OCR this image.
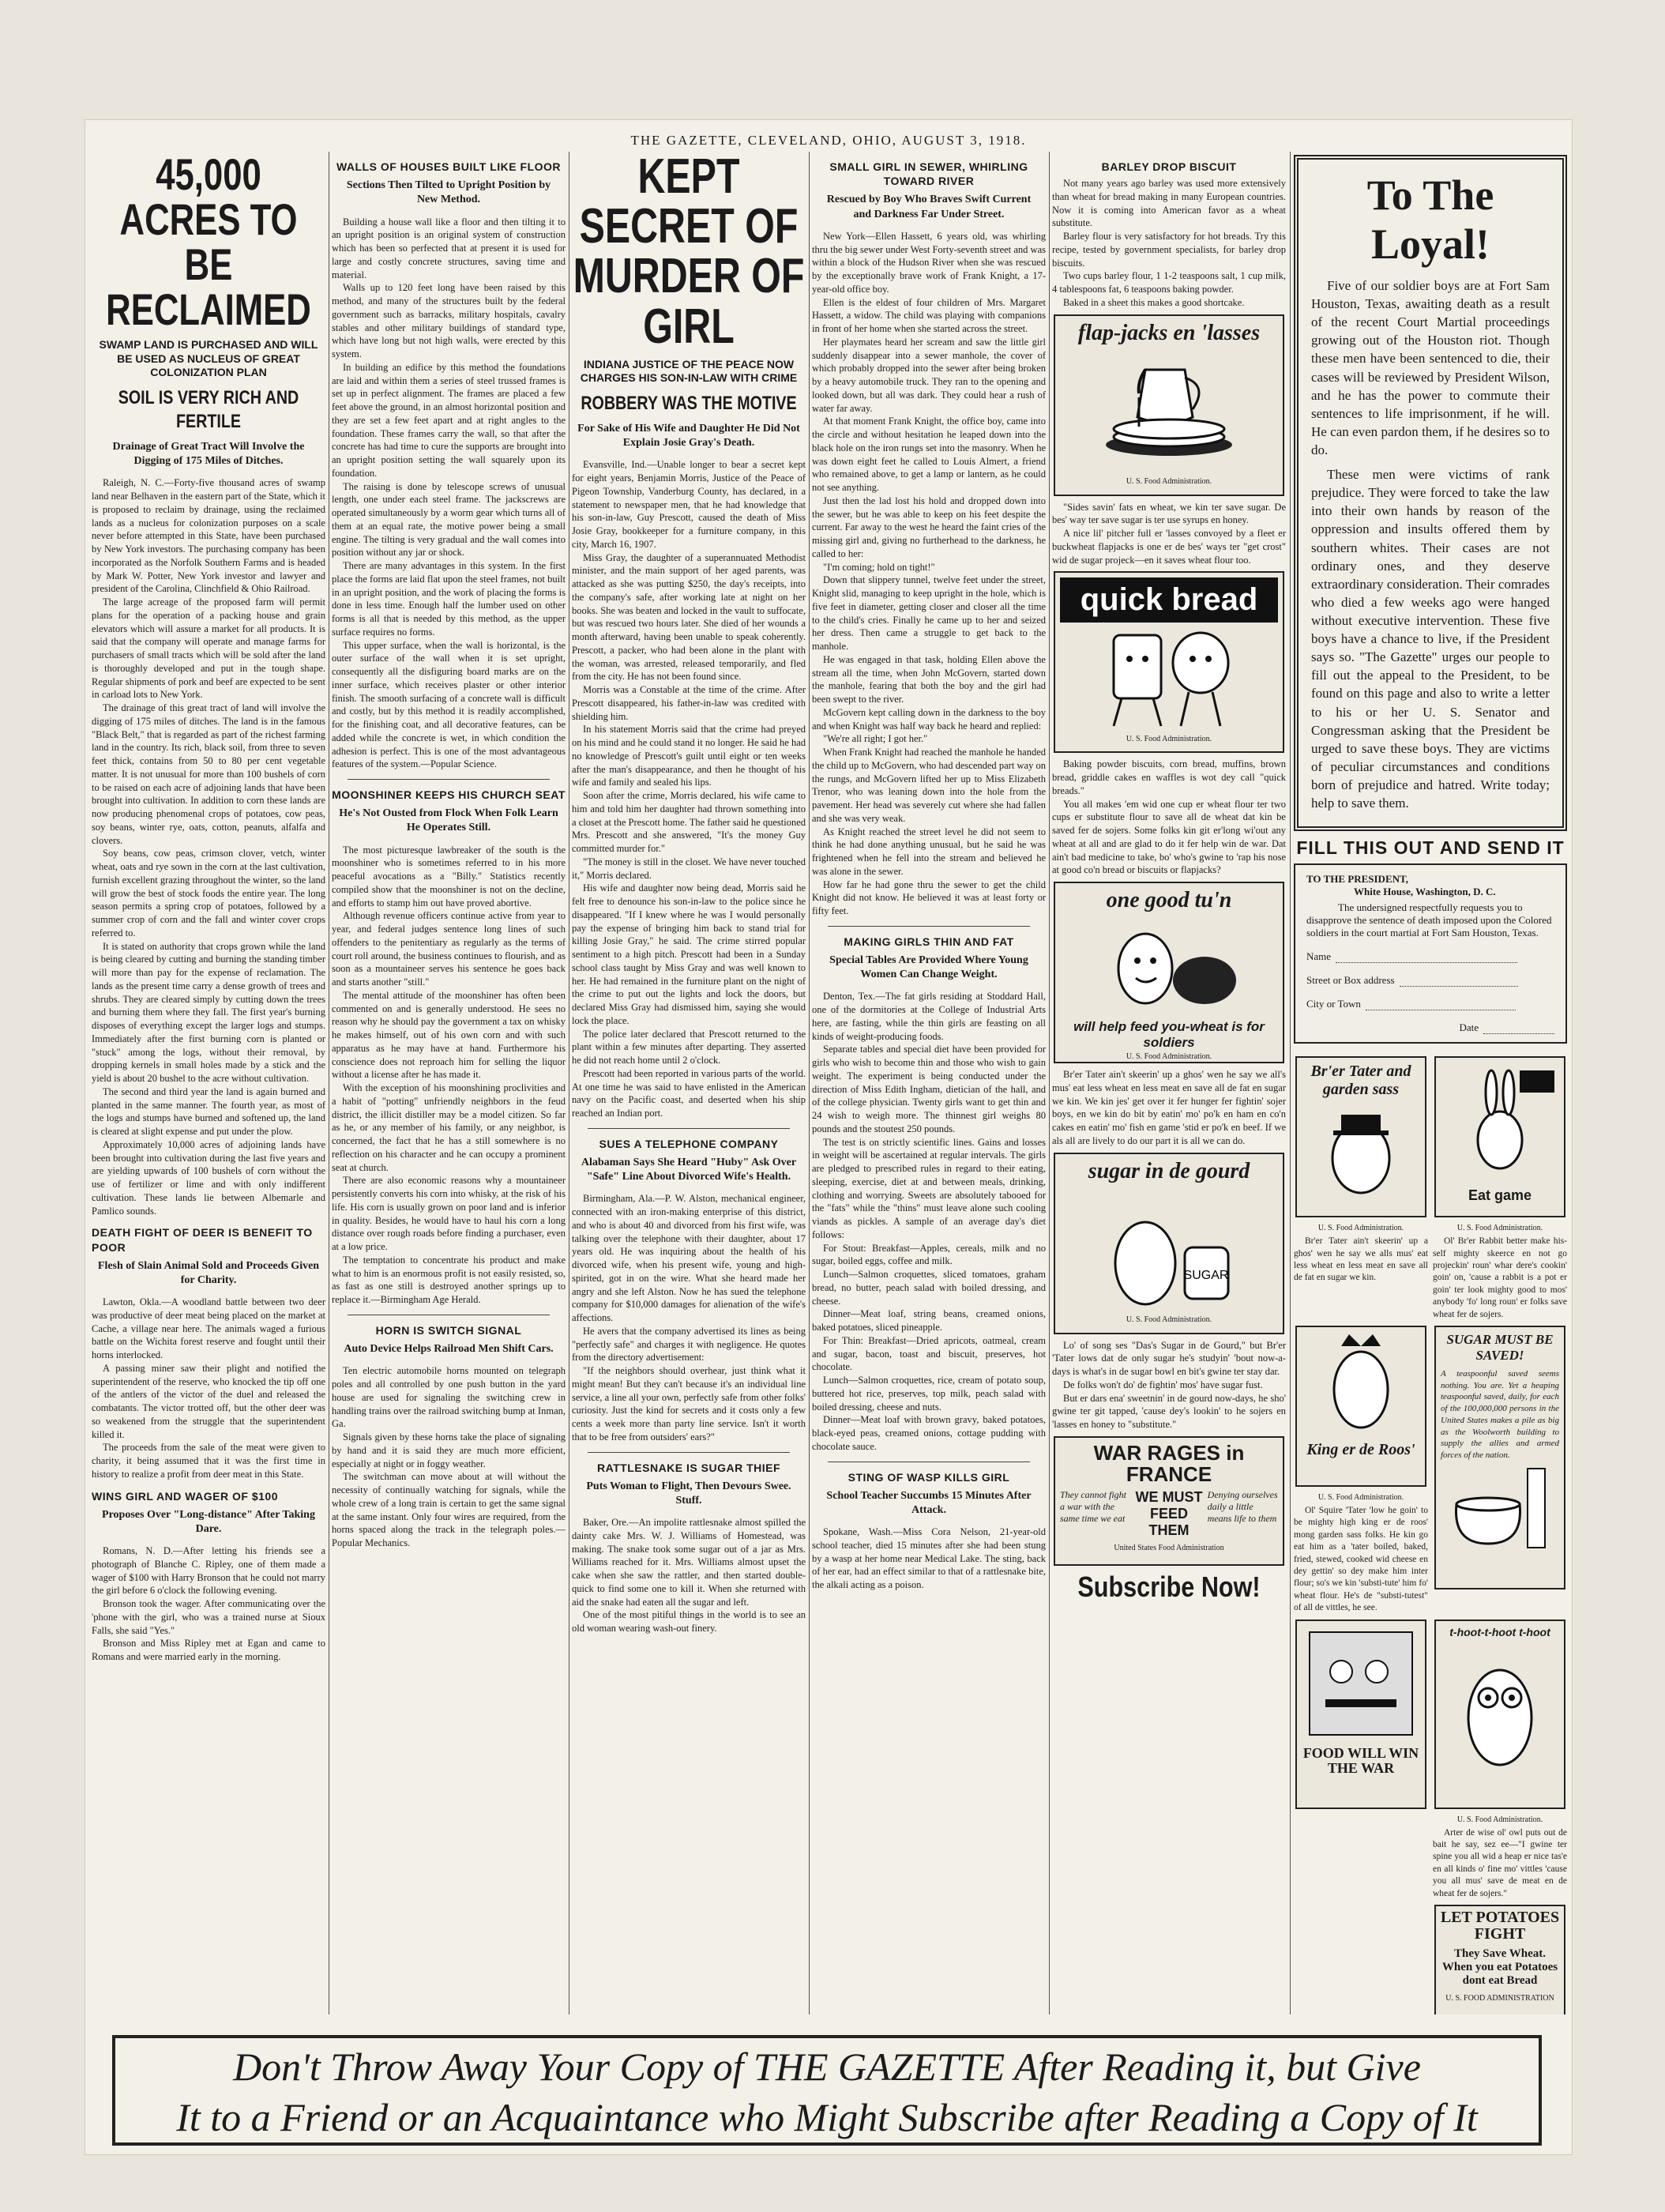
THE GAZETTE, CLEVELAND, OHIO, AUGUST 3, 1918.
45,000 ACRES TO BE RECLAIMED
SWAMP LAND IS PURCHASED AND WILL BE USED AS NUCLEUS OF GREAT COLONIZATION PLAN
SOIL IS VERY RICH AND FERTILE
Drainage of Great Tract Will Involve the Digging of 175 Miles of Ditches.

Raleigh, N. C.—Forty-five thousand acres of swamp land near Belhaven in the eastern part of the State, which it is proposed to reclaim by drainage, using the reclaimed lands as a nucleus for colonization purposes on a scale never before attempted in this State, have been purchased by New York investors. The purchasing company has been incorporated as the Norfolk Southern Farms and is headed by Mark W. Potter, New York investor and lawyer and president of the Carolina, Clinchfield & Ohio Railroad.

The large acreage of the proposed farm will permit plans for the operation of a packing house and grain elevators which will assure a market for all products. It is said that the company will operate and manage farms for purchasers of small tracts which will be sold after the land is thoroughly developed and put in the tough shape. Regular shipments of pork and beef are expected to be sent in carload lots to New York.

The drainage of this great tract of land will involve the digging of 175 miles of ditches. The land is in the famous "Black Belt," that is regarded as part of the richest farming land in the country. Its rich, black soil, from three to seven feet thick, contains from 50 to 80 per cent vegetable matter. It is not unusual for more than 100 bushels of corn to be raised on each acre of adjoining lands that have been brought into cultivation. In addition to corn these lands are now producing phenomenal crops of potatoes, cow peas, soy beans, winter rye, oats, cotton, peanuts, alfalfa and clovers.

Soy beans, cow peas, crimson clover, vetch, winter wheat, oats and rye sown in the corn at the last cultivation, furnish excellent grazing throughout the winter, so the land will grow the best of stock foods the entire year. The long season permits a spring crop of potatoes, followed by a summer crop of corn and the fall and winter cover crops referred to.

It is stated on authority that crops grown while the land is being cleared by cutting and burning the standing timber will more than pay for the expense of reclamation. The lands as the present time carry a dense growth of trees and shrubs. They are cleared simply by cutting down the trees and burning them where they fall. The first year's burning disposes of everything except the larger logs and stumps. Immediately after the first burning corn is planted or "stuck" among the logs, without their removal, by dropping kernels in small holes made by a stick and the yield is about 20 bushel to the acre without cultivation.

The second and third year the land is again burned and planted in the same manner. The fourth year, as most of the logs and stumps have burned and softened up, the land is cleared at slight expense and put under the plow.

Approximately 10,000 acres of adjoining lands have been brought into cultivation during the last five years and are yielding upwards of 100 bushels of corn without the use of fertilizer or lime and with only indifferent cultivation. These lands lie between Albemarle and Pamlico sounds.

DEATH FIGHT OF DEER IS BENEFIT TO POOR
Flesh of Slain Animal Sold and Proceeds Given for Charity.

Lawton, Okla.—A woodland battle between two deer was productive of deer meat being placed on the market at Cache, a village near here. The animals waged a furious battle on the Wichita forest reserve and fought until their horns interlocked.

A passing miner saw their plight and notified the superintendent of the reserve, who knocked the tip off one of the antlers of the victor of the duel and released the combatants. The victor trotted off, but the other deer was so weakened from the struggle that the superintendent killed it.

The proceeds from the sale of the meat were given to charity, it being assumed that it was the first time in history to realize a profit from deer meat in this State.

WINS GIRL AND WAGER OF $100
Proposes Over "Long-distance" After Taking Dare.

Romans, N. D.—After letting his friends see a photograph of Blanche C. Ripley, one of them made a wager of $100 with Harry Bronson that he could not marry the girl before 6 o'clock the following evening.

Bronson took the wager. After communicating over the 'phone with the girl, who was a trained nurse at Sioux Falls, she said "Yes."

Bronson and Miss Ripley met at Egan and came to Romans and were married early in the morning.

WALLS OF HOUSES BUILT LIKE FLOOR
Sections Then Tilted to Upright Position by New Method.

Building a house wall like a floor and then tilting it to an upright position is an original system of construction which has been so perfected that at present it is used for large and costly concrete structures, saving time and material.

Walls up to 120 feet long have been raised by this method, and many of the structures built by the federal government such as barracks, military hospitals, cavalry stables and other military buildings of standard type, which have long but not high walls, were erected by this system.

In building an edifice by this method the foundations are laid and within them a series of steel trussed frames is set up in perfect alignment. The frames are placed a few feet above the ground, in an almost horizontal position and they are set a few feet apart and at right angles to the foundation. These frames carry the wall, so that after the concrete has had time to cure the supports are brought into an upright position setting the wall squarely upon its foundation.

The raising is done by telescope screws of unusual length, one under each steel frame. The jackscrews are operated simultaneously by a worm gear which turns all of them at an equal rate, the motive power being a small engine. The tilting is very gradual and the wall comes into position without any jar or shock.

There are many advantages in this system. In the first place the forms are laid flat upon the steel frames, not built in an upright position, and the work of placing the forms is done in less time. Enough half the lumber used on other forms is all that is needed by this method, as the upper surface requires no forms.

This upper surface, when the wall is horizontal, is the outer surface of the wall when it is set upright, consequently all the disfiguring board marks are on the inner surface, which receives plaster or other interior finish. The smooth surfacing of a concrete wall is difficult and costly, but by this method it is readily accomplished, for the finishing coat, and all decorative features, can be added while the concrete is wet, in which condition the adhesion is perfect. This is one of the most advantageous features of the system.—Popular Science.

MOONSHINER KEEPS HIS CHURCH SEAT
He's Not Ousted from Flock When Folk Learn He Operates Still.

The most picturesque lawbreaker of the south is the moonshiner who is sometimes referred to in his more peaceful avocations as a "Billy." Statistics recently compiled show that the moonshiner is not on the decline, and efforts to stamp him out have proved abortive.

Although revenue officers continue active from year to year, and federal judges sentence long lines of such offenders to the penitentiary as regularly as the terms of court roll around, the business continues to flourish, and as soon as a mountaineer serves his sentence he goes back and starts another "still."

The mental attitude of the moonshiner has often been commented on and is generally understood. He sees no reason why he should pay the government a tax on whisky he makes himself, out of his own corn and with such apparatus as he may have at hand. Furthermore his conscience does not reproach him for selling the liquor without a license after he has made it.

With the exception of his moonshining proclivities and a habit of "potting" unfriendly neighbors in the feud district, the illicit distiller may be a model citizen. So far as he, or any member of his family, or any neighbor, is concerned, the fact that he has a still somewhere is no reflection on his character and he can occupy a prominent seat at church.

There are also economic reasons why a mountaineer persistently converts his corn into whisky, at the risk of his life. His corn is usually grown on poor land and is inferior in quality. Besides, he would have to haul his corn a long distance over rough roads before finding a purchaser, even at a low price.

The temptation to concentrate his product and make what to him is an enormous profit is not easily resisted, so, as fast as one still is destroyed another springs up to replace it.—Birmingham Age Herald.

HORN IS SWITCH SIGNAL
Auto Device Helps Railroad Men Shift Cars.

Ten electric automobile horns mounted on telegraph poles and all controlled by one push button in the yard house are used for signaling the switching crew in handling trains over the railroad switching bump at Inman, Ga.

Signals given by these horns take the place of signaling by hand and it is said they are much more efficient, especially at night or in foggy weather.

The switchman can move about at will without the necessity of continually watching for signals, while the whole crew of a long train is certain to get the same signal at the same instant. Only four wires are required, from the horns spaced along the track in the telegraph poles.—Popular Mechanics.

KEPT SECRET OF MURDER OF GIRL
INDIANA JUSTICE OF THE PEACE NOW CHARGES HIS SON-IN-LAW WITH CRIME
ROBBERY WAS THE MOTIVE
For Sake of His Wife and Daughter He Did Not Explain Josie Gray's Death.

Evansville, Ind.—Unable longer to bear a secret kept for eight years, Benjamin Morris, Justice of the Peace of Pigeon Township, Vanderburg County, has declared, in a statement to newspaper men, that he had knowledge that his son-in-law, Guy Prescott, caused the death of Miss Josie Gray, bookkeeper for a furniture company, in this city, March 16, 1907.

Miss Gray, the daughter of a superannuated Methodist minister, and the main support of her aged parents, was attacked as she was putting $250, the day's receipts, into the company's safe, after working late at night on her books. She was beaten and locked in the vault to suffocate, but was rescued two hours later. She died of her wounds a month afterward, having been unable to speak coherently. Prescott, a packer, who had been alone in the plant with the woman, was arrested, released temporarily, and fled from the city. He has not been found since.

Morris was a Constable at the time of the crime. After Prescott disappeared, his father-in-law was credited with shielding him.

In his statement Morris said that the crime had preyed on his mind and he could stand it no longer. He said he had no knowledge of Prescott's guilt until eight or ten weeks after the man's disappearance, and then he thought of his wife and family and sealed his lips.

Soon after the crime, Morris declared, his wife came to him and told him her daughter had thrown something into a closet at the Prescott home. The father said he questioned Mrs. Prescott and she answered, "It's the money Guy committed murder for."

"The money is still in the closet. We have never touched it," Morris declared.

His wife and daughter now being dead, Morris said he felt free to denounce his son-in-law to the police since he disappeared. "If I knew where he was I would personally pay the expense of bringing him back to stand trial for killing Josie Gray," he said. The crime stirred popular sentiment to a high pitch. Prescott had been in a Sunday school class taught by Miss Gray and was well known to her. He had remained in the furniture plant on the night of the crime to put out the lights and lock the doors, but declared Miss Gray had dismissed him, saying she would lock the place.

The police later declared that Prescott returned to the plant within a few minutes after departing. They asserted he did not reach home until 2 o'clock.

Prescott had been reported in various parts of the world. At one time he was said to have enlisted in the American navy on the Pacific coast, and deserted when his ship reached an Indian port.

SUES A TELEPHONE COMPANY
Alabaman Says She Heard "Huby" Ask Over "Safe" Line About Divorced Wife's Health.

Birmingham, Ala.—P. W. Alston, mechanical engineer, connected with an iron-making enterprise of this district, and who is about 40 and divorced from his first wife, was talking over the telephone with their daughter, about 17 years old. He was inquiring about the health of his divorced wife, when his present wife, young and high-spirited, got in on the wire. What she heard made her angry and she left Alston. Now he has sued the telephone company for $10,000 damages for alienation of the wife's affections.

He avers that the company advertised its lines as being "perfectly safe" and charges it with negligence. He quotes from the directory advertisement:

"If the neighbors should overhear, just think what it might mean! But they can't because it's an individual line service, a line all your own, perfectly safe from other folks' curiosity. Just the kind for secrets and it costs only a few cents a week more than party line service. Isn't it worth that to be free from outsiders' ears?"

RATTLESNAKE IS SUGAR THIEF
Puts Woman to Flight, Then Devours Swee. Stuff.

Baker, Ore.—An impolite rattlesnake almost spilled the dainty cake Mrs. W. J. Williams of Homestead, was making. The snake took some sugar out of a jar as Mrs. Williams reached for it. Mrs. Williams almost upset the cake when she saw the rattler, and then started double-quick to find some one to kill it. When she returned with aid the snake had eaten all the sugar and left.

One of the most pitiful things in the world is to see an old woman wearing wash-out finery.

SMALL GIRL IN SEWER, WHIRLING TOWARD RIVER
Rescued by Boy Who Braves Swift Current and Darkness Far Under Street.

New York—Ellen Hassett, 6 years old, was whirling thru the big sewer under West Forty-seventh street and was within a block of the Hudson River when she was rescued by the exceptionally brave work of Frank Knight, a 17-year-old office boy.

Ellen is the eldest of four children of Mrs. Margaret Hassett, a widow. The child was playing with companions in front of her home when she started across the street.

Her playmates heard her scream and saw the little girl suddenly disappear into a sewer manhole, the cover of which probably dropped into the sewer after being broken by a heavy automobile truck. They ran to the opening and looked down, but all was dark. They could hear a rush of water far away.

At that moment Frank Knight, the office boy, came into the circle and without hesitation he leaped down into the black hole on the iron rungs set into the masonry. When he was down eight feet he called to Louis Almert, a friend who remained above, to get a lamp or lantern, as he could not see anything.

Just then the lad lost his hold and dropped down into the sewer, but he was able to keep on his feet despite the current. Far away to the west he heard the faint cries of the missing girl and, giving no furtherhead to the darkness, he called to her:

"I'm coming; hold on tight!"

Down that slippery tunnel, twelve feet under the street, Knight slid, managing to keep upright in the hole, which is five feet in diameter, getting closer and closer all the time to the child's cries. Finally he came up to her and seized her dress. Then came a struggle to get back to the manhole.

He was engaged in that task, holding Ellen above the stream all the time, when John McGovern, started down the manhole, fearing that both the boy and the girl had been swept to the river.

McGovern kept calling down in the darkness to the boy and when Knight was half way back he heard and replied:

"We're all right; I got her."

When Frank Knight had reached the manhole he handed the child up to McGovern, who had descended part way on the rungs, and McGovern lifted her up to Miss Elizabeth Trenor, who was leaning down into the hole from the pavement. Her head was severely cut where she had fallen and she was very weak.

As Knight reached the street level he did not seem to think he had done anything unusual, but he said he was frightened when he fell into the stream and believed he was alone in the sewer.

How far he had gone thru the sewer to get the child Knight did not know. He believed it was at least forty or fifty feet.

MAKING GIRLS THIN AND FAT
Special Tables Are Provided Where Young Women Can Change Weight.

Denton, Tex.—The fat girls residing at Stoddard Hall, one of the dormitories at the College of Industrial Arts here, are fasting, while the thin girls are feasting on all kinds of weight-producing foods.

Separate tables and special diet have been provided for girls who wish to become thin and those who wish to gain weight. The experiment is being conducted under the direction of Miss Edith Ingham, dietician of the hall, and of the college physician. Twenty girls want to get thin and 24 wish to weigh more. The thinnest girl weighs 80 pounds and the stoutest 250 pounds.

The test is on strictly scientific lines. Gains and losses in weight will be ascertained at regular intervals. The girls are pledged to prescribed rules in regard to their eating, sleeping, exercise, diet at and between meals, drinking, clothing and worrying. Sweets are absolutely tabooed for the "fats" while the "thins" must leave alone such cooling viands as pickles. A sample of an average day's diet follows:

For Stout: Breakfast—Apples, cereals, milk and no sugar, boiled eggs, coffee and milk.

Lunch—Salmon croquettes, sliced tomatoes, graham bread, no butter, peach salad with boiled dressing, and cheese.

Dinner—Meat loaf, string beans, creamed onions, baked potatoes, sliced pineapple.

For Thin: Breakfast—Dried apricots, oatmeal, cream and sugar, bacon, toast and biscuit, preserves, hot chocolate.

Lunch—Salmon croquettes, rice, cream of potato soup, buttered hot rice, preserves, top milk, peach salad with boiled dressing, cheese and nuts.

Dinner—Meat loaf with brown gravy, baked potatoes, black-eyed peas, creamed onions, cottage pudding with chocolate sauce.

STING OF WASP KILLS GIRL
School Teacher Succumbs 15 Minutes After Attack.

Spokane, Wash.—Miss Cora Nelson, 21-year-old school teacher, died 15 minutes after she had been stung by a wasp at her home near Medical Lake. The sting, back of her ear, had an effect similar to that of a rattlesnake bite, the alkali acting as a poison.

BARLEY DROP BISCUIT

Not many years ago barley was used more extensively than wheat for bread making in many European countries. Now it is coming into American favor as a wheat substitute.

Barley flour is very satisfactory for hot breads. Try this recipe, tested by government specialists, for barley drop biscuits.

Two cups barley flour, 1 1-2 teaspoons salt, 1 cup milk, 4 tablespoons fat, 6 teaspoons baking powder.

Baked in a sheet this makes a good shortcake.

flap-jacks en 'lasses
U. S. Food Administration.

"Sides savin' fats en wheat, we kin ter save sugar. De bes' way ter save sugar is ter use syrups en honey.

A nice lil' pitcher full er 'lasses convoyed by a fleet er buckwheat flapjacks is one er de bes' ways ter "get crost" wid de sugar projeck—en it saves wheat flour too.

quick bread
U. S. Food Administration.

Baking powder biscuits, corn bread, muffins, brown bread, griddle cakes en waffles is wot dey call "quick breads."

You all makes 'em wid one cup er wheat flour ter two cups er substitute flour to save all de wheat dat kin be saved fer de sojers. Some folks kin git er'long wi'out any wheat at all and are glad to do it fer help win de war. Dat ain't bad medicine to take, bo' who's gwine to 'rap his nose at good co'n bread or biscuits or flapjacks?

one good tu'n
will help feed you-wheat is for soldiers
U. S. Food Administration.

Br'er Tater ain't skeerin' up a ghos' wen he say we all's mus' eat less wheat en less meat en save all de fat en sugar we kin. We kin jes' get over it fer hunger fer fightin' sojer boys, en we kin do bit by eatin' mo' po'k en ham en co'n cakes en eatin' mo' fish en game 'stid er po'k en beef. If we als all are lively to do our part it is all we can do.

sugar in de gourd
SUGAR
U. S. Food Administration.

Lo' of song ses "Das's Sugar in de Gourd," but Br'er 'Tater lows dat de only sugar he's studyin' 'bout now-a-days is what's in de sugar bowl en bit's gwine ter stay dar.

De folks won't do' de fightin' mos' have sugar fust.

But er dars ena' sweetnin' in de gourd now-days, he sho' gwine ter git tapped, 'cause dey's lookin' to he sojers en 'lasses en honey to "substitute."

WAR RAGES in FRANCE
They cannot fight a war with the same time we eat
WE MUST FEED THEM
Denying ourselves daily a little means life to them
United States Food Administration
Subscribe Now!
To The Loyal!

Five of our soldier boys are at Fort Sam Houston, Texas, awaiting death as a result of the recent Court Martial proceedings growing out of the Houston riot. Though these men have been sentenced to die, their cases will be reviewed by President Wilson, and he has the power to commute their sentences to life imprisonment, if he will. He can even pardon them, if he desires so to do.

These men were victims of rank prejudice. They were forced to take the law into their own hands by reason of the oppression and insults offered them by southern whites. Their cases are not ordinary ones, and they deserve extraordinary consideration. Their comrades who died a few weeks ago were hanged without executive intervention. These five boys have a chance to live, if the President says so. "The Gazette" urges our people to fill out the appeal to the President, to be found on this page and also to write a letter to his or her U. S. Senator and Congressman asking that the President be urged to save these boys. They are victims of peculiar circumstances and conditions born of prejudice and hatred. Write today; help to save them.

FILL THIS OUT AND SEND IT
TO THE PRESIDENT,
White House, Washington, D. C.
The undersigned respectfully requests you to disapprove the sentence of death imposed upon the Colored soldiers in the court martial at Fort Sam Houston, Texas.
Name
Street or Box address
City or Town
Date
Br'er Tater and garden sass
U. S. Food Administration.

Br'er Tater ain't skeerin' up a ghos' wen he say we alls mus' eat less wheat en less meat en save all de fat en sugar we kin.

Eat game
U. S. Food Administration.

Ol' Br'er Rabbit better make his-self mighty skeerce en not go projeckin' roun' whar dere's cookin' goin' on, 'cause a rabbit is a pot er goin' ter look mighty good to mos' anybody 'fo' long roun' er folks save wheat fer de sojers.

King er de Roos'
U. S. Food Administration.

Ol' Squire 'Tater 'low he goin' to be mighty high king er de roos' mong garden sass folks. He kin go eat him as a 'tater boiled, baked, fried, stewed, cooked wid cheese en dey gettin' so dey make him inter flour; so's we kin 'substi-tute' him fo' wheat flour. He's de "substi-tutest" of all de vittles, he see.

SUGAR MUST BE SAVED!

A teaspoonful saved seems nothing. You are. Yet a heaping teaspoonful saved, daily, for each of the 100,000,000 persons in the United States makes a pile as big as the Woolworth building to supply the allies and armed forces of the nation.

FOOD WILL WIN THE WAR
t-hoot-t-hoot t-hoot
U. S. Food Administration.

Arter de wise ol' owl puts out de bait he say, sez ee—"I gwine ter spine you all wid a heap er nice tas'e en all kinds o' fine mo' vittles 'cause you all mus' save de meat en de wheat fer de sojers."

LET POTATOES FIGHT
They Save Wheat. When you eat Potatoes dont eat Bread
U. S. FOOD ADMINISTRATION
Don't Throw Away Your Copy of THE GAZETTE After Reading it, but Give
It to a Friend or an Acquaintance who Might Subscribe after Reading a Copy of It
